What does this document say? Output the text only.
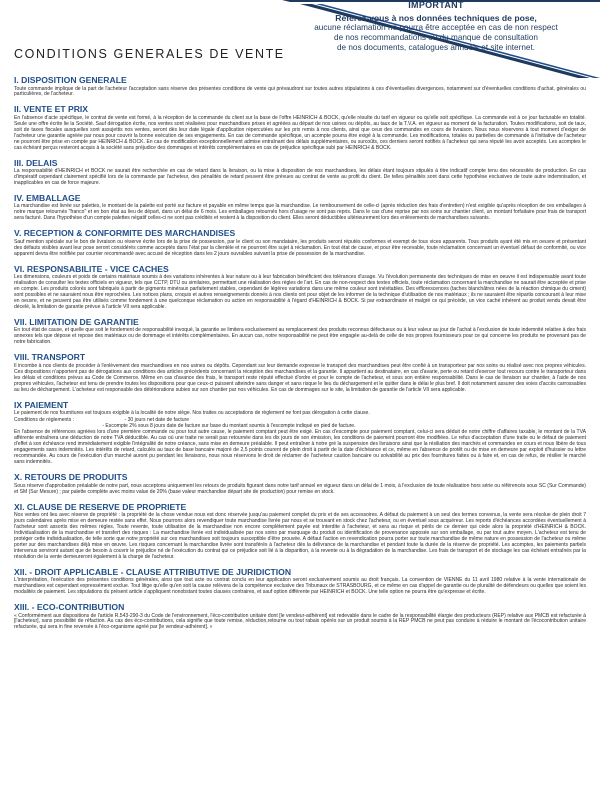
IMPORTANT
Référez-vous à nos données techniques de pose,
aucune réclamation ne pourra être acceptée en cas de non respect
de nos recommandations ou du manque de consultation
de nos documents, catalogues annuels et site internet.
CONDITIONS GENERALES DE VENTE
I. DISPOSITION GENERALE

Toute commande implique de la part de l'acheteur l'acceptation sans réserve des présentes conditions de vente qui prévaudront sur toutes autres stipulations à ces d'éventuelles divergences, notamment sur d'éventuelles conditions d'achat, générales ou particulières, de l'acheteur.

II. VENTE ET PRIX

En l'absence d'acte spécifique, le contrat de vente est formé, à la réception de la commande du client sur la base de l'offre HEINRICH & BOCK, qu'elle résulte du tarif en vigueur ou qu'elle soit spécifique. La commande est à ce jour facturable en totalité. Seule une offre écrite lie la Société. Sauf dérogation écrite, nos ventes sont réalisées pour marchandises prises et agréées au départ de nos usines ou dépôts, au taux de la T.V.A. en vigueur au moment de la facturation. Toutes modifications, soit de taux, soit de taxes fiscales auxquelles sont assujettis nos ventes, seront dès leur date légale d'application répercutées sur les prix remis à nos clients, ainsi que ceux des commandes en cours de livraison. Nous nous réservons à tout moment d'exiger de l'acheteur une garantie agréée par nous pour couvrir la bonne exécution de ses engagements. En cas de commande spécifique, un acompte pourra être exigé à la commande. Les modifications, totales ou partielles de commande à l'initiative de l'acheteur ne pourront être prise en compte par HEINRICH & BOCK. En cas de modification exceptionnellement admise entraînant des délais supplémentaires, ou surcoûts, ces derniers seront notifiés à l'acheteur qui sera réputé les avoir acceptés. Les acomptes le cas échéant perçus resteront acquis à la société sans préjudice des dommages et intérêts complémentaires en cas de préjudice spécifique subi par HEINRICH & BOCK.

III. DELAIS

La responsabilité d'HEINRICH et BOCK ne saurait être recherchée en cas de retard dans la livraison, ou la mise à disposition de nos marchandises, les délais étant toujours stipulés à titre indicatif compte tenu des nécessités de production. En cas d'impératif cependant clairement spécifié lors de la commande par l'acheteur, des pénalités de retard peuvent être prévues au contrat de vente au profit du client. De telles pénalités sont dans cette hypothèse exclusives de toute autre indemnisation, et inapplicables en cas de force majeure.

IV. EMBALLAGE

La marchandise est livrée sur palettes, le montant de la palette est porté sur facture et payable en même temps que la marchandise. Le remboursement de celle-ci (après réduction des frais d'entretien) n'est exigible qu'après réception de ces emballages à notre marque retournés "franco" et en bon état au lieu de départ, dans un délai de 6 mois. Les emballages retournés hors d'usage ne sont pas repris. Dans le cas d'une reprise par nos soins sur chantier client, un montant forfaitaire pour frais de transport sera facturé. Dans l'hypothèse d'un compte palettes négatif celles-ci ne sont pas crédités et restent à la disposition du client. Elles seront déductibles ultérieurement lors des enlèvements de marchandises suivants.

V. RECEPTION & CONFORMITE DES MARCHANDISES

Sauf mention spéciale sur le bon de livraison ou réserve écrite lors de la prise de possession, par le client ou son mandataire, les produits seront réputés conformes et exempt de tous vices apparents. Tous produits ayant été mis en oeuvre et présentant des défauts visibles avant leur pose seront considérés comme acceptés dans l'état par la clientèle et ne pourront être sujet à réclamation. En tout état de cause, et pour être recevable, toute réclamation concernant un éventuel défaut de conformité, ou vice apparent devra être notifiée par courrier recommandé avec accusé de réception dans les 2 jours ouvrables suivant la prise de possession de la marchandise.

VI. RESPONSABILITE - VICE CACHES

Les dimensions, couleurs et poids de certains matériaux soumis à des variations inhérentes à leur nature ou à leur fabrication bénéficient des tolérances d'usage. Vu l'évolution permanente des techniques de mise en oeuvre il est indispensable avant toute réalisation de consulter les textes officiels en vigueur, tels que CCTP, DTU ou similaires, permettant une réalisation des règles de l'art. En cas de non-respect des textes officiels, toute réclamation concernant la marchandise ne saurait être acceptée et prise en compte. Les produits colorés sont fabriqués à partir de pigments minéraux parfaitement stables, cependant de légères variations dans une même couleur sont inévitables. Des efflorescences (taches blanchâtres nées de la réaction chimique du ciment) sont possibles et ne sauraient nous être reprochées. Les notices plans, croquis et autres renseignements donnés à nos clients ont pour objet de les informer de la technique d'utilisation de nos matériaux ; ils ne sauraient être répartis concourant à leur mise en oeuvre, et ne peuvent pas être utilisés comme fondement à une quelconque réclamation ou action en responsabilité à l'égard d'HEINRICH & BOCK. Si par extraordinaire et malgré ce qui précède, un vice caché inhérent au produit vendu devait être décelé, la limitation de garantie prévue à l'article VII sera applicable.

VII. LIMITATION DE GARANTIE

En tout état de cause, et quelle que soit le fondement de responsabilité invoqué, la garantie se limitera exclusivement au remplacement des produits reconnus défectueux ou à leur valeur au jour de l'achat à l'exclusion de toute indemnité relative à des frais annexes tels que dépose et repose des matériaux ou de dommage et intérêts complémentaires. En aucun cas, notre responsabilité ne peut être engagée au-delà de celle de nos propres fournisseurs pour ce qui concerne les produits ne provenant pas de notre fabrication.

VIII. TRANSPORT

Il incombe à nos clients de procéder à l'enlèvement des marchandises en nos usines ou dépôts. Cependant sur leur demande expresse le transport des marchandises peut être confié à un transporteur par nos soins ou réalisé avec nos propres véhicules. Ces dispositions n'apportent pas de dérogations aux conditions des articles précédents concernant la réception des marchandises et la garantie. Il appartient au destinataire, en cas d'avarie, perte ou retard d'exercer tout recours contre le transporteur dans les délais et conditions prévus au Code de Commerce. Même en cas d'avance des frais, le transport reste réputé effectué d'ordre et pour le compte de l'acheteur, et sous son entière responsabilité. Dans le cas de livraison sur chantier, à l'aide de nos propres véhicules, l'acheteur est tenu de prendre toutes les dispositions pour que ceux-ci puissent atteindre sans danger et sans risque le lieu du déchargement et le quitter dans le délai le plus bref. Il doit notamment assurer des voies d'accès carrossables au lieu de déchargement. L'acheteur est responsable des détériorations subies sur son chantier par nos véhicules. En cas de dommages sur le site, la limitation de garantie de l'article VII sera applicable.

IX PAIEMENT

Le paiement de nos fournitures est toujours exigible à la localité de notre siège. Nos traites ou acceptations de règlement ne font pas dérogation à cette clause.

Conditions de règlements :                                    - 30 jours net date de facture

- Escompte 2% sous 8 jours date de facture sur base du montant soumis à l'escompte indiqué en pied de facture.

En l'absence de références agréées lors d'une première commande ou pour tout autre cause, le paiement comptant peut être exigé. En cas d'escompte pour paiement comptant, celui-ci sera déduit de notre chiffre d'affaires taxable, le montant de la TVA afférente entraînera une déduction de notre TVA déductible. Au cas où une traite ne serait pas retournée dans les dix jours de son émission, les conditions de paiement pourront être modifiées. Le refus d'acceptation d'une traite ou le défaut de paiement d'effet à son échéance rend immédiatement exigible l'intégralité de notre créance, sans mise en demeure préalable. Il peut entraîner à notre gré la suspension des livraisons ainsi que la résiliation des marchés et commandes en cours et nous libère de tous engagements sans indemnités. Les intérêts de retard, calculés au taux de base bancaire majoré de 2,5 points courent de plein droit à partir de la date d'échéance et ce, même en l'absence de protêt ou de mise en demeure par exploit d'huissier ou lettre recommandée. Au cours de l'exécution d'un marché auront pu pendant les livraisons, nous nous réservons le droit de réclamer de l'acheteur caution bancaire ou solvabilité au prix des fournitures faites ou à faire et, en cas de refus, de résilier le marché sans indemnités.

X. RETOURS DE PRODUITS

Sous réserve d'approbation préalable de notre part, nous acceptons uniquement les retours de produits figurant dans notre tarif annuel en vigueur dans un délai de 1 mois, à l'exclusion de toute réalisation hors série ou référencés sous SC (Sur Commande) et SM (Sur Mesure) ; par palette complète avec moins value de 20% (base valeur marchandise départ site de production) pour remise en stock.

XI. CLAUSE DE RESERVE DE PROPRIETE

Nos ventes ont lieu avec réserve de propriété : la propriété de la chose vendue nous est donc réservée jusqu'au paiement complet du prix et de ses accessoires. A défaut du paiement à un seul des termes convenus, la vente sera résolue de plein droit 7 jours calendaires après mise en demeure restée sans effet. Nous pourrons alors revendiquer toute marchandise livrée par nous et se trouvant en stock chez l'acheteur, ou en éventuel sous acquéreur. Les reports d'échéances accordées éventuellement à l'acheteur sont assortis des mêmes règles. Toute revente, toute utilisation de la marchandise non encore complètement payée est interdite à l'acheteur, et sera au risque et périls de ce dernier qui cède alors la propriété d'HEINRICH & BOCK. Individualisation de la marchandise et transfert des risques : La marchandise livrée est individualisée par nos soins par marquage du produit ou identification de provenance apposée sur son emballage, ou par tout autre moyen. L'acheteur est tenu de protéger cette individualisation, de telle sorte que notre propriété sur ces marchandises soit toujours susceptible d'être prouvée. A défaut l'action en revendication pourra porter sur toute marchandise de même nature en possession de l'acheteur ou même porter sur des marchandises déjà mise en œuvre. Les risques concernant la marchandise livrée sont transférés à l'acheteur dès la délivrance de la marchandise et pendant toute la durée de la réserve de propriété. Les acomptes, les paiements partiels intervenus serviront autant que de besoin à couvrir le préjudice né de l'exécution du contrat qui ce préjudice soit lié à la disparition, à la revente ou à la dégradation de la marchandise. Les frais de transport et de stockage les cas échéant entraînés par la résolution de la vente demeureront également à la charge de l'acheteur.

XII. - DROIT APPLICABLE - CLAUSE ATTRIBUTIVE DE JURIDICTION

L'interprétation, l'exécution des présentes conditions générales, ainsi que tout acte ou contrat conclu en leur application seront exclusivement soumis au droit français. La convention de VIENNE du 11 avril 1980 relative à la vente internationale de marchandises est cependant expressément exclue. Tout litige qu'elle qu'en soit la cause relèvera de la compétence exclusive des Tribunaux de STRASBOURG, et ce même en cas d'appel de garantie ou de pluralité de défendeurs ou quelles que soient les modalités de paiement. Les stipulations du présent article s'appliquent nonobstant toutes clauses contraires, et sauf option différente par HEINRICH et BOCK. Une telle option ne pourra être qu'expresse et écrite.

XIII. - ECO-CONTRIBUTION

« Conformément aux dispositions de l'article R.543-290-3 du Code de l'environnement, l'éco-contribution unitaire dont [le vendeur-adhérent] est redevable dans le cadre de la responsabilité élargie des producteurs (REP) relative aux PMCB est refacturée à [l'acheteur], sans possibilité de réfaction. Au cas des éco-contributions, cela signifie que toute remise, réduction,retourne ou tout rabais opérés sur un produit soumis à la REP PMCB ne peut pas conduire à réduire le montant de l'écocontribution unitaire refacturée, qui sera in fine reversée à l'éco-organisme agréé par [le vendeur-adhérent]. »
